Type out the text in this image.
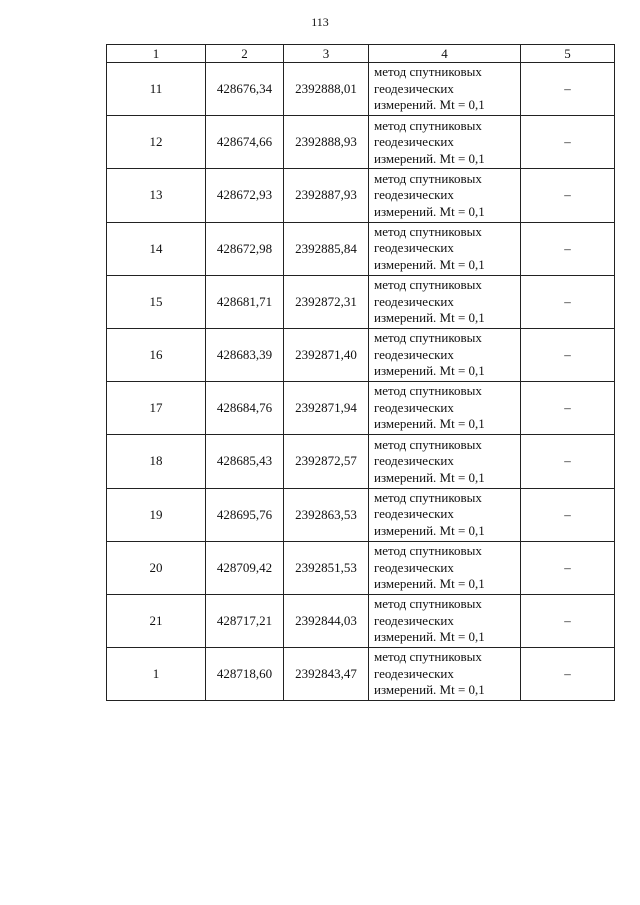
113
1	2	3	4	5
11	428676,34	2392888,01	метод спутниковых
геодезических
измерений. Mt = 0,1	–
12	428674,66	2392888,93	метод спутниковых
геодезических
измерений. Mt = 0,1	–
13	428672,93	2392887,93	метод спутниковых
геодезических
измерений. Mt = 0,1	–
14	428672,98	2392885,84	метод спутниковых
геодезических
измерений. Mt = 0,1	–
15	428681,71	2392872,31	метод спутниковых
геодезических
измерений. Mt = 0,1	–
16	428683,39	2392871,40	метод спутниковых
геодезических
измерений. Mt = 0,1	–
17	428684,76	2392871,94	метод спутниковых
геодезических
измерений. Mt = 0,1	–
18	428685,43	2392872,57	метод спутниковых
геодезических
измерений. Mt = 0,1	–
19	428695,76	2392863,53	метод спутниковых
геодезических
измерений. Mt = 0,1	–
20	428709,42	2392851,53	метод спутниковых
геодезических
измерений. Mt = 0,1	–
21	428717,21	2392844,03	метод спутниковых
геодезических
измерений. Mt = 0,1	–
1	428718,60	2392843,47	метод спутниковых
геодезических
измерений. Mt = 0,1	–
